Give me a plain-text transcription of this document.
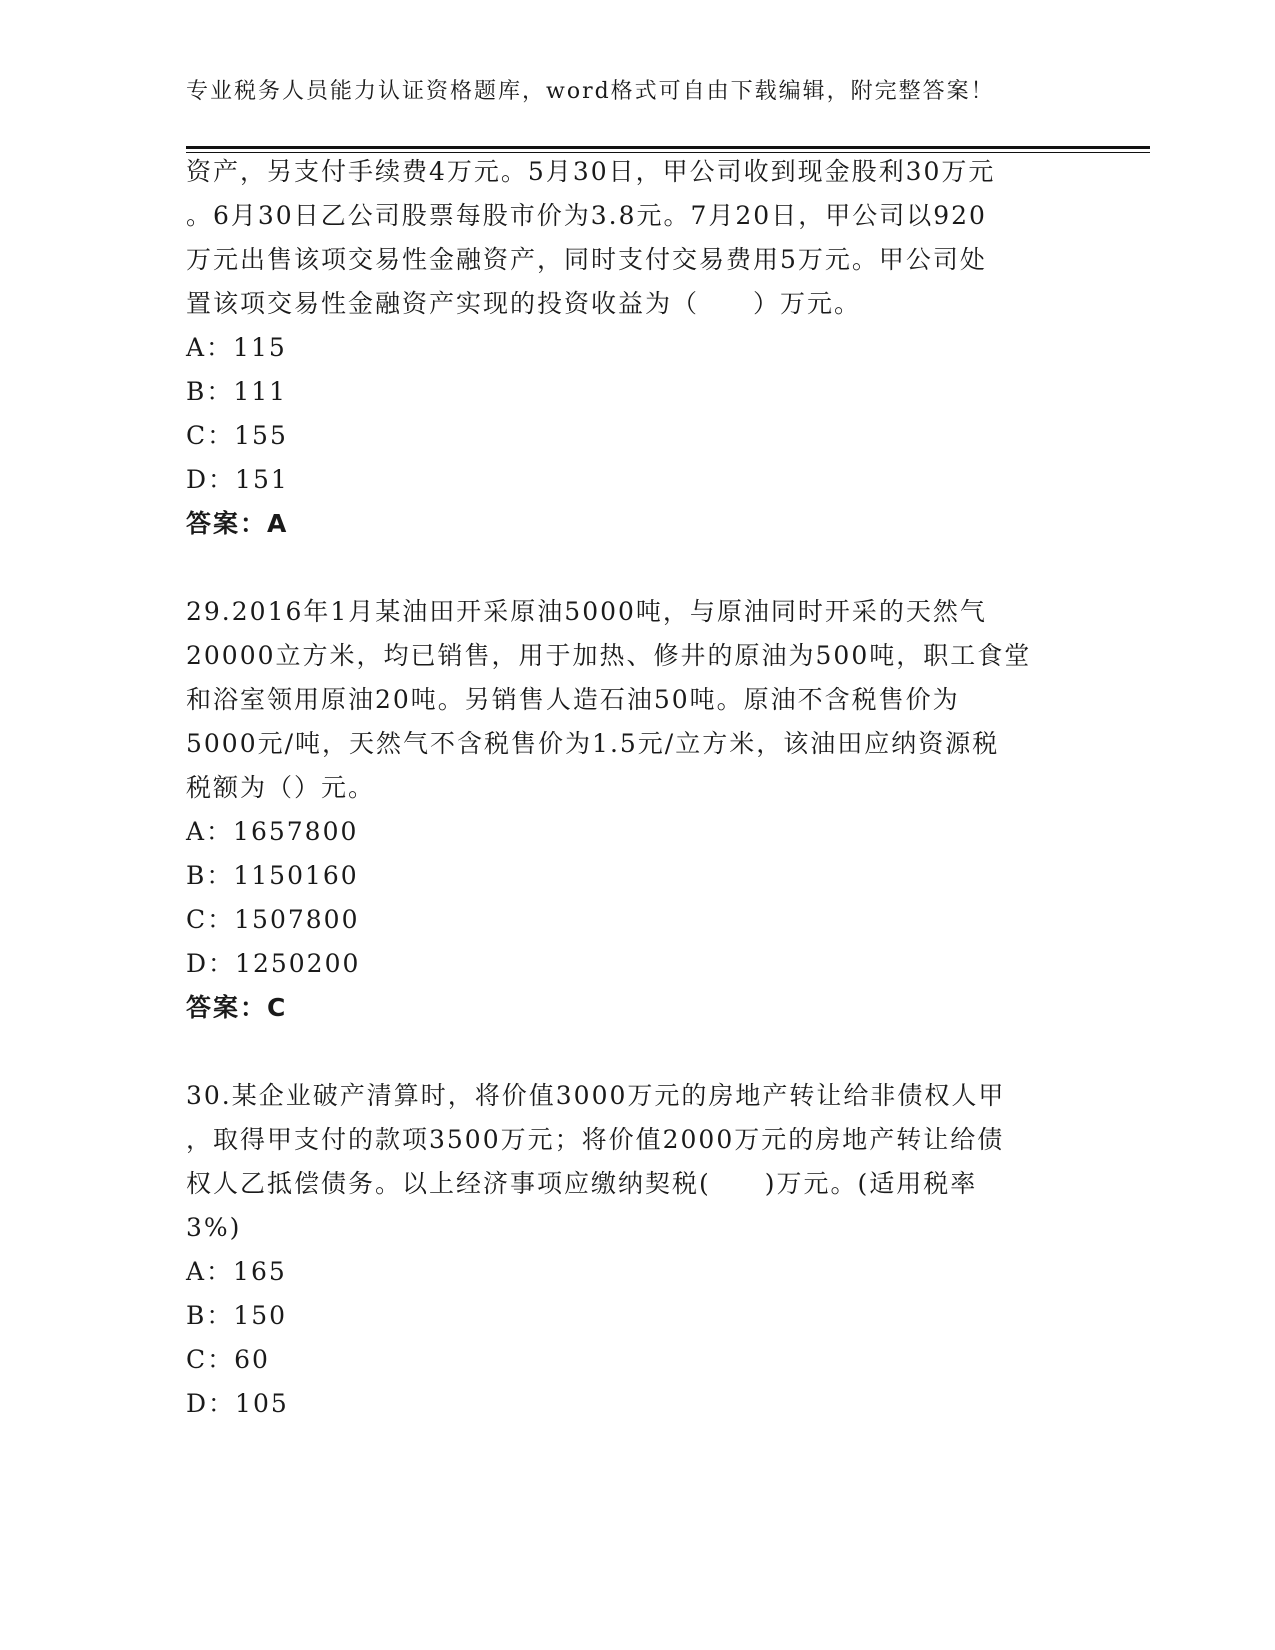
专业税务人员能力认证资格题库，word格式可自由下载编辑，附完整答案！
资产，另支付手续费4万元。5月30日，甲公司收到现金股利30万元
。6月30日乙公司股票每股市价为3.8元。7月20日，甲公司以920
万元出售该项交易性金融资产，同时支付交易费用5万元。甲公司处
置该项交易性金融资产实现的投资收益为（　　）万元。
A：115
B：111
C：155
D：151
答案：A
29.2016年1月某油田开采原油5000吨，与原油同时开采的天然气
20000立方米，均已销售，用于加热、修井的原油为500吨，职工食堂
和浴室领用原油20吨。另销售人造石油50吨。原油不含税售价为
5000元/吨，天然气不含税售价为1.5元/立方米，该油田应纳资源税
税额为（）元。
A：1657800
B：1150160
C：1507800
D：1250200
答案：C
30.某企业破产清算时，将价值3000万元的房地产转让给非债权人甲
，取得甲支付的款项3500万元；将价值2000万元的房地产转让给债
权人乙抵偿债务。以上经济事项应缴纳契税(　　)万元。(适用税率
3%)
A：165
B：150
C：60
D：105
